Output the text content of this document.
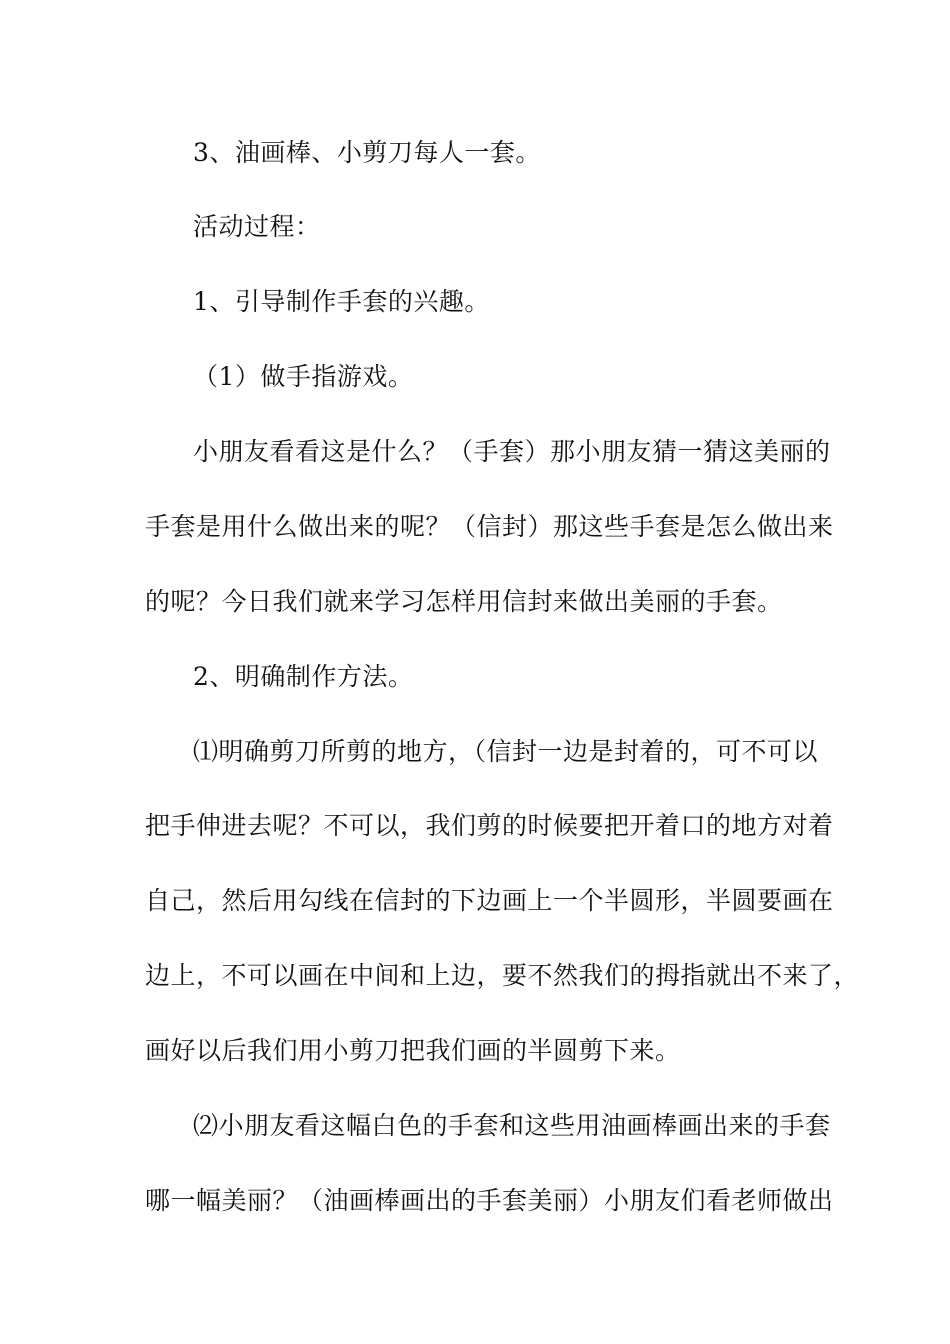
3、油画棒、小剪刀每人一套。
活动过程：
1、引导制作手套的兴趣。
（1）做手指游戏。
小朋友看看这是什么？（手套）那小朋友猜一猜这美丽的
手套是用什么做出来的呢？（信封）那这些手套是怎么做出来
的呢？今日我们就来学习怎样用信封来做出美丽的手套。
2、明确制作方法。
⑴明确剪刀所剪的地方，（信封一边是封着的，可不可以
把手伸进去呢？不可以，我们剪的时候要把开着口的地方对着
自己，然后用勾线在信封的下边画上一个半圆形，半圆要画在
边上，不可以画在中间和上边，要不然我们的拇指就出不来了，
画好以后我们用小剪刀把我们画的半圆剪下来。
⑵小朋友看这幅白色的手套和这些用油画棒画出来的手套
哪一幅美丽？（油画棒画出的手套美丽）小朋友们看老师做出
